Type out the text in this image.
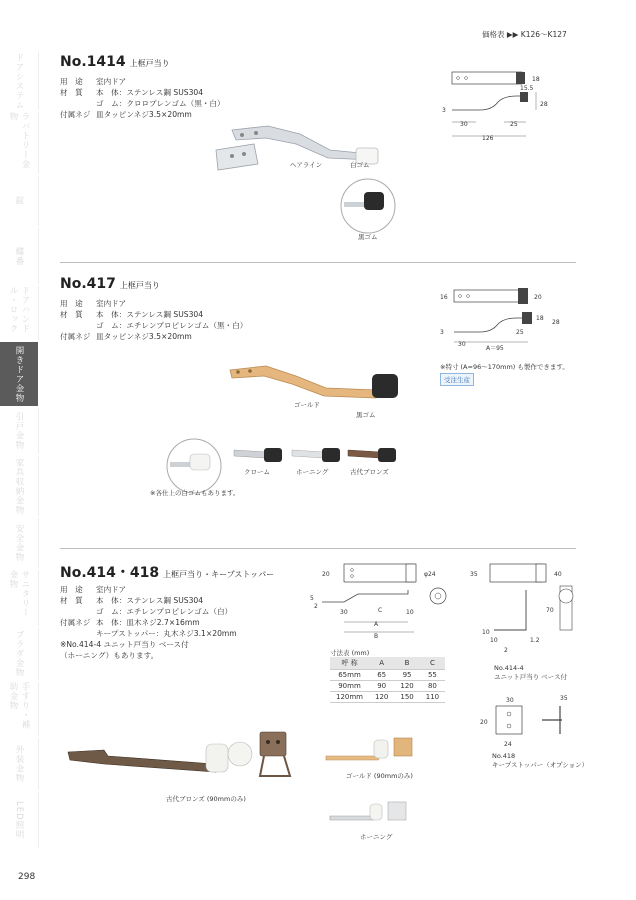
ドアシステム
ラバトリー金物
錠
蝶番
ドアハンドル・ロック
開きドア金物
引戸金物
家具収納金物
安全金物
サニタリー金物
ブラダ金物
手すり・補助金物
外装金物
LED照明
価格表 ▶▶ K126〜K127
No.1414 上框戸当り
用　途	室内ドア
材　質	本　体：ステンレス鋼 SUS304
ゴ　ム：クロロプレンゴム（黒・白）
付属ネジ 皿タッピンネジ3.5×20mm
ヘアライン	白ゴム
黒ゴム
18
15.5
28
3
30	25
126
No.417 上框戸当り
用　途	室内ドア
材　質	本　体：ステンレス鋼 SUS304
ゴ　ム：エチレンプロピレンゴム（黒・白）
付属ネジ 皿タッピンネジ3.5×20mm
ゴールド
黒ゴム
16	20
18
28
3
30
25
A＝95
※特寸 (A=96〜170mm) も製作できます。
受注生産
※各仕上の白ゴムもあります。
クローム	ホーニング	古代ブロンズ
No.414・418 上框戸当り・キープストッパー
用　途	室内ドア
材　質	本　体：ステンレス鋼 SUS304
ゴ　ム：エチレンプロピレンゴム（白）
付属ネジ 本　体：皿木ネジ2.7×16mm
キープストッパー：丸木ネジ3.1×20mm
※No.414-4 ユニット戸当り ベース付
（ホーニング）もあります。
20	φ24
5
2
30	10
C
A
B
寸法表 (mm)
呼 称	A	B	C
65mm	65	95	55
90mm	90	120	80
120mm	120	150	110
35	40
10
70
2
10	1.2
No.414-4
ユニット戸当り ベース付
35
30
20
24
No.418
キープストッパー（オプション）
古代ブロンズ (90mmのみ)
ゴールド (90mmのみ)
ホーニング
298
